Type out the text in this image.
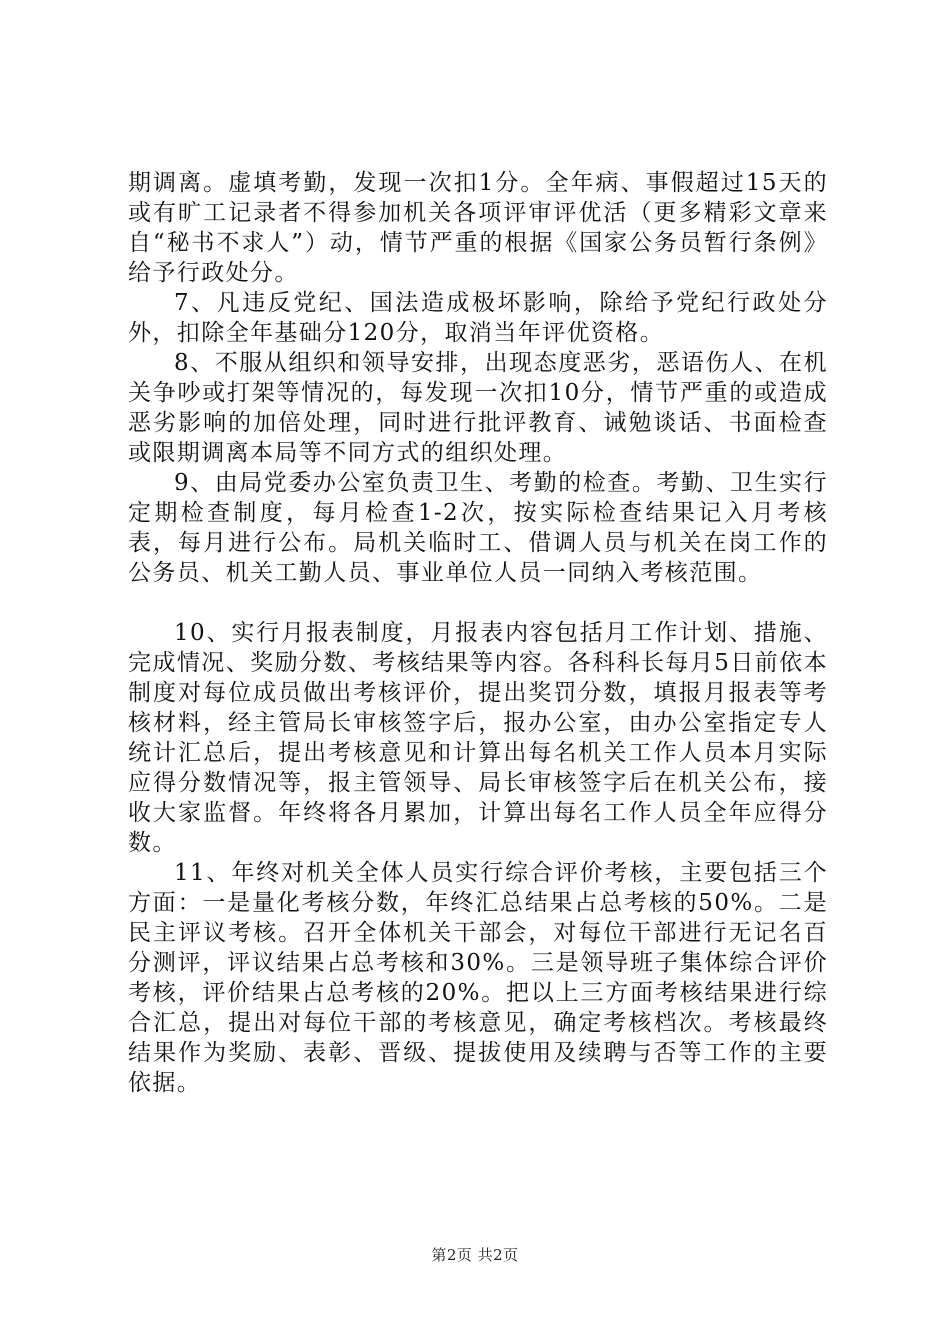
期调离。虚填考勤，发现一次扣1分。全年病、事假超过15天的或有旷工记录者不得参加机关各项评审评优活（更多精彩文章来自“秘书不求人”）动，情节严重的根据《国家公务员暂行条例》给予行政处分。

7、凡违反党纪、国法造成极坏影响，除给予党纪行政处分外，扣除全年基础分120分，取消当年评优资格。

8、不服从组织和领导安排，出现态度恶劣，恶语伤人、在机关争吵或打架等情况的，每发现一次扣10分，情节严重的或造成恶劣影响的加倍处理，同时进行批评教育、诫勉谈话、书面检查或限期调离本局等不同方式的组织处理。

9、由局党委办公室负责卫生、考勤的检查。考勤、卫生实行定期检查制度，每月检查1-2次，按实际检查结果记入月考核表，每月进行公布。局机关临时工、借调人员与机关在岗工作的公务员、机关工勤人员、事业单位人员一同纳入考核范围。

10、实行月报表制度，月报表内容包括月工作计划、措施、完成情况、奖励分数、考核结果等内容。各科科长每月5日前依本制度对每位成员做出考核评价，提出奖罚分数，填报月报表等考核材料，经主管局长审核签字后，报办公室，由办公室指定专人统计汇总后，提出考核意见和计算出每名机关工作人员本月实际应得分数情况等，报主管领导、局长审核签字后在机关公布，接收大家监督。年终将各月累加，计算出每名工作人员全年应得分数。

11、年终对机关全体人员实行综合评价考核，主要包括三个方面：一是量化考核分数，年终汇总结果占总考核的50%。二是民主评议考核。召开全体机关干部会，对每位干部进行无记名百分测评，评议结果占总考核和30%。三是领导班子集体综合评价考核，评价结果占总考核的20%。把以上三方面考核结果进行综合汇总，提出对每位干部的考核意见，确定考核档次。考核最终结果作为奖励、表彰、晋级、提拔使用及续聘与否等工作的主要依据。

第2页 共2页
